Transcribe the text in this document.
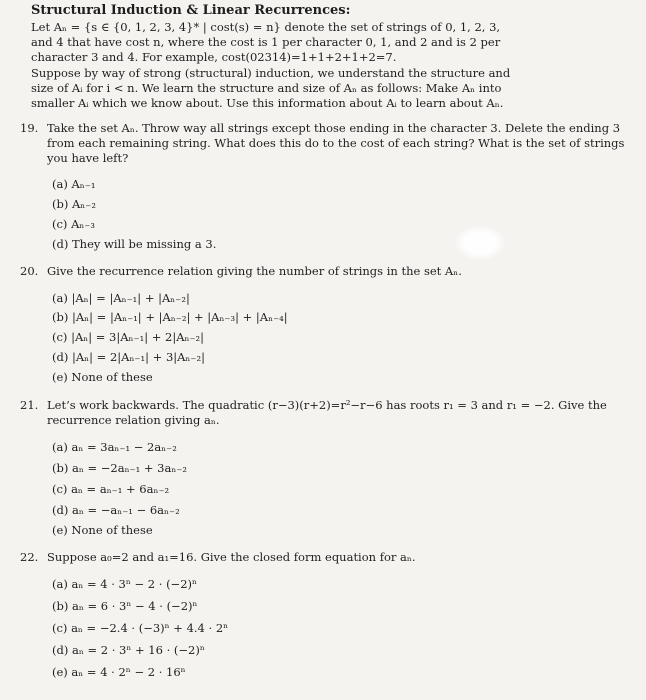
Structural Induction & Linear Recurrences:
Let Aₙ = {s ∈ {0, 1, 2, 3, 4}* | cost(s) = n} denote the set of strings of 0, 1, 2, 3,
and 4 that have cost n, where the cost is 1 per character 0, 1, and 2 and is 2 per
character 3 and 4. For example, cost(02314)=1+1+2+1+2=7.
Suppose by way of strong (structural) induction, we understand the structure and
size of Aᵢ for i < n. We learn the structure and size of Aₙ as follows: Make Aₙ into
smaller Aᵢ which we know about. Use this information about Aᵢ to learn about Aₙ.
19. Take the set Aₙ. Throw way all strings except those ending in the character 3. Delete the ending 3
from each remaining string. What does this do to the cost of each string? What is the set of strings
you have left?
(a) Aₙ₋₁
(b) Aₙ₋₂
(c) Aₙ₋₃
(d) They will be missing a 3.
20. Give the recurrence relation giving the number of strings in the set Aₙ.
(a) |Aₙ| = |Aₙ₋₁| + |Aₙ₋₂|
(b) |Aₙ| = |Aₙ₋₁| + |Aₙ₋₂| + |Aₙ₋₃| + |Aₙ₋₄|
(c) |Aₙ| = 3|Aₙ₋₁| + 2|Aₙ₋₂|
(d) |Aₙ| = 2|Aₙ₋₁| + 3|Aₙ₋₂|
(e) None of these
21. Let’s work backwards. The quadratic (r−3)(r+2)=r²−r−6 has roots r₁ = 3 and r₁ = −2. Give the
recurrence relation giving aₙ.
(a) aₙ = 3aₙ₋₁ − 2aₙ₋₂
(b) aₙ = −2aₙ₋₁ + 3aₙ₋₂
(c) aₙ = aₙ₋₁ + 6aₙ₋₂
(d) aₙ = −aₙ₋₁ − 6aₙ₋₂
(e) None of these
22. Suppose a₀=2 and a₁=16. Give the closed form equation for aₙ.
(a) aₙ = 4 · 3ⁿ − 2 · (−2)ⁿ
(b) aₙ = 6 · 3ⁿ − 4 · (−2)ⁿ
(c) aₙ = −2.4 · (−3)ⁿ + 4.4 · 2ⁿ
(d) aₙ = 2 · 3ⁿ + 16 · (−2)ⁿ
(e) aₙ = 4 · 2ⁿ − 2 · 16ⁿ
